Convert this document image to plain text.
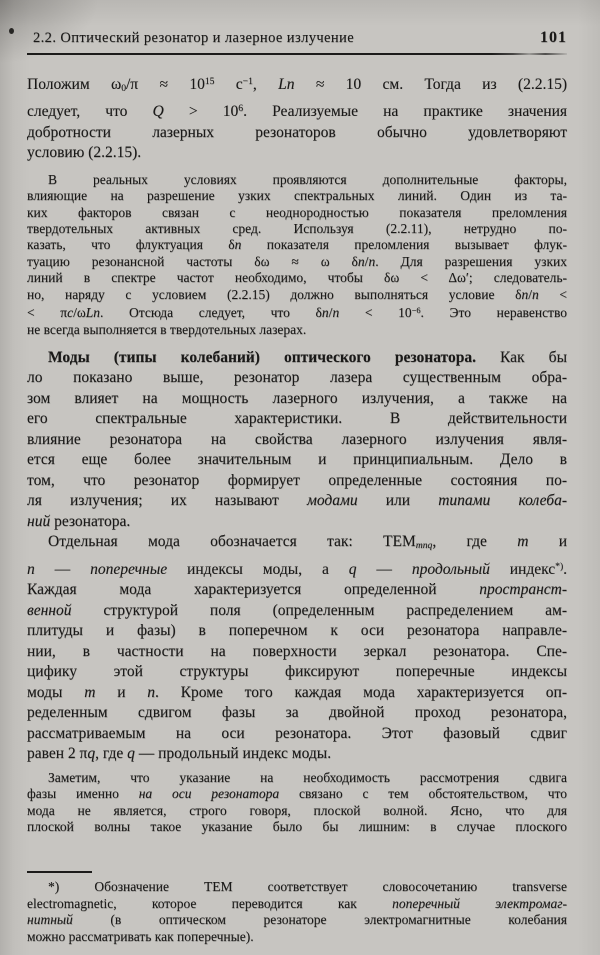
2.2. Оптический резонатор и лазерное излучение	101
Положим $\omega_0/\pi \approx 10^{15}$ $с^{-1}$, Ln ≈ 10 см. Тогда из (2.2.15)
следует, что $Q > 10^6$. Реализуемые на практике значения
добротности лазерных резонаторов обычно удовлетворяют
условию (2.2.15).
В реальных условиях проявляются дополнительные факторы,
влияющие на разрешение узких спектральных линий. Один из та-
ких факторов связан с неоднородностью показателя преломления
твердотельных активных сред. Используя (2.2.11), нетрудно по-
казать, что флуктуация δn показателя преломления вызывает флук-
туацию резонансной частоты δω ≈ ω δn/n. Для разрешения узких
линий в спектре частот необходимо, чтобы δω < Δω′; следователь-
но, наряду с условием (2.2.15) должно выполняться условие δn/n <
< πc/ωLn. Отсюда следует, что $\delta n/n < 10^{-6}$. Это неравенство
не всегда выполняется в твердотельных лазерах.
Моды (типы колебаний) оптического резонатора. Как бы
ло показано выше, резонатор лазера существенным обра-
зом влияет на мощность лазерного излучения, а также на
его спектральные характеристики. В действительности
влияние резонатора на свойства лазерного излучения явля-
ется еще более значительным и принципиальным. Дело в
том, что резонатор формирует определенные состояния по-
ля излучения; их называют модами или типами колеба-
ний резонатора.
Отдельная мода обозначается так: $ТЕМ_{mnq}$, где m и
n — поперечные индексы моды, а q — продольный индекс*).
Каждая мода характеризуется определенной пространст-
венной структурой поля (определенным распределением ам-
плитуды и фазы) в поперечном к оси резонатора направле-
нии, в частности на поверхности зеркал резонатора. Спе-
цифику этой структуры фиксируют поперечные индексы
моды m и n. Кроме того каждая мода характеризуется оп-
ределенным сдвигом фазы за двойной проход резонатора,
рассматриваемым на оси резонатора. Этот фазовый сдвиг
равен 2 πq, где q — продольный индекс моды.
Заметим, что указание на необходимость рассмотрения сдвига
фазы именно на оси резонатора связано с тем обстоятельством, что
мода не является, строго говоря, плоской волной. Ясно, что для
плоской волны такое указание было бы лишним: в случае плоского
*) Обозначение ТЕМ соответствует словосочетанию transverse
electromagnetic, которое переводится как поперечный электромаг-
нитный (в оптическом резонаторе электромагнитные колебания
можно рассматривать как поперечные).
